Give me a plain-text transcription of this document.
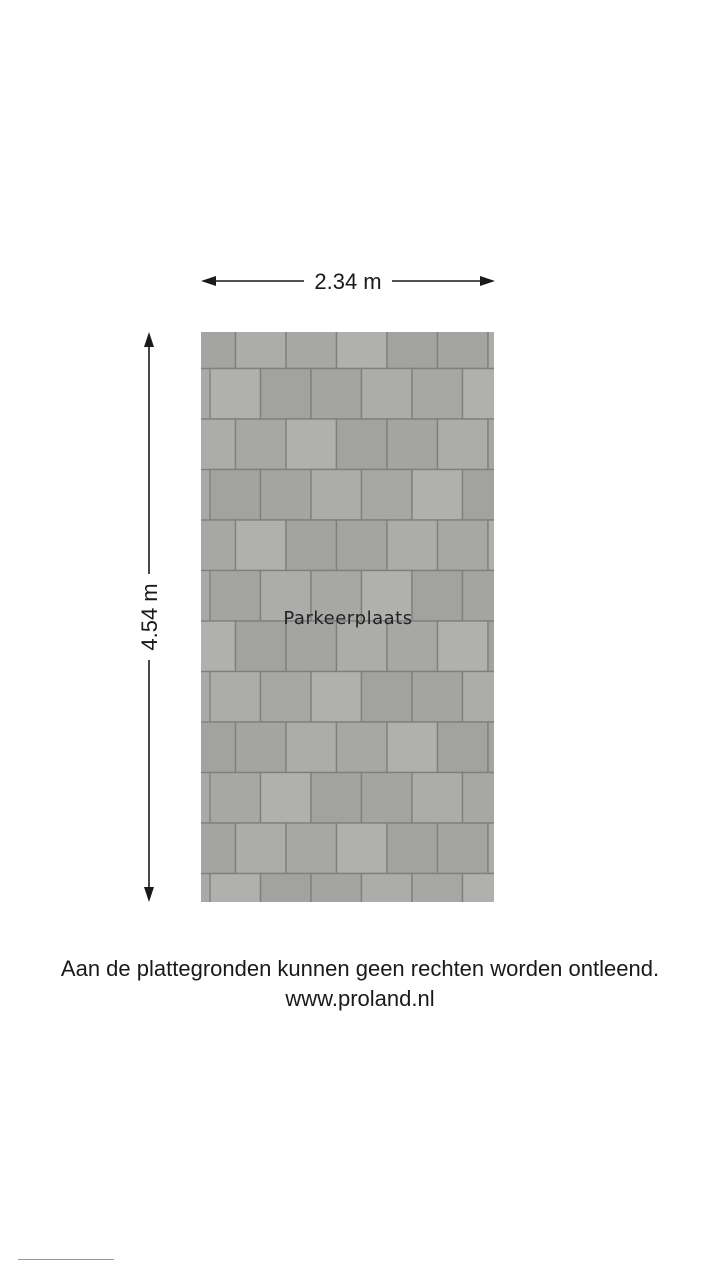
Parkeerplaats
2.34 m
4.54 m
Aan de plattegronden kunnen geen rechten worden ontleend.
www.proland.nl
